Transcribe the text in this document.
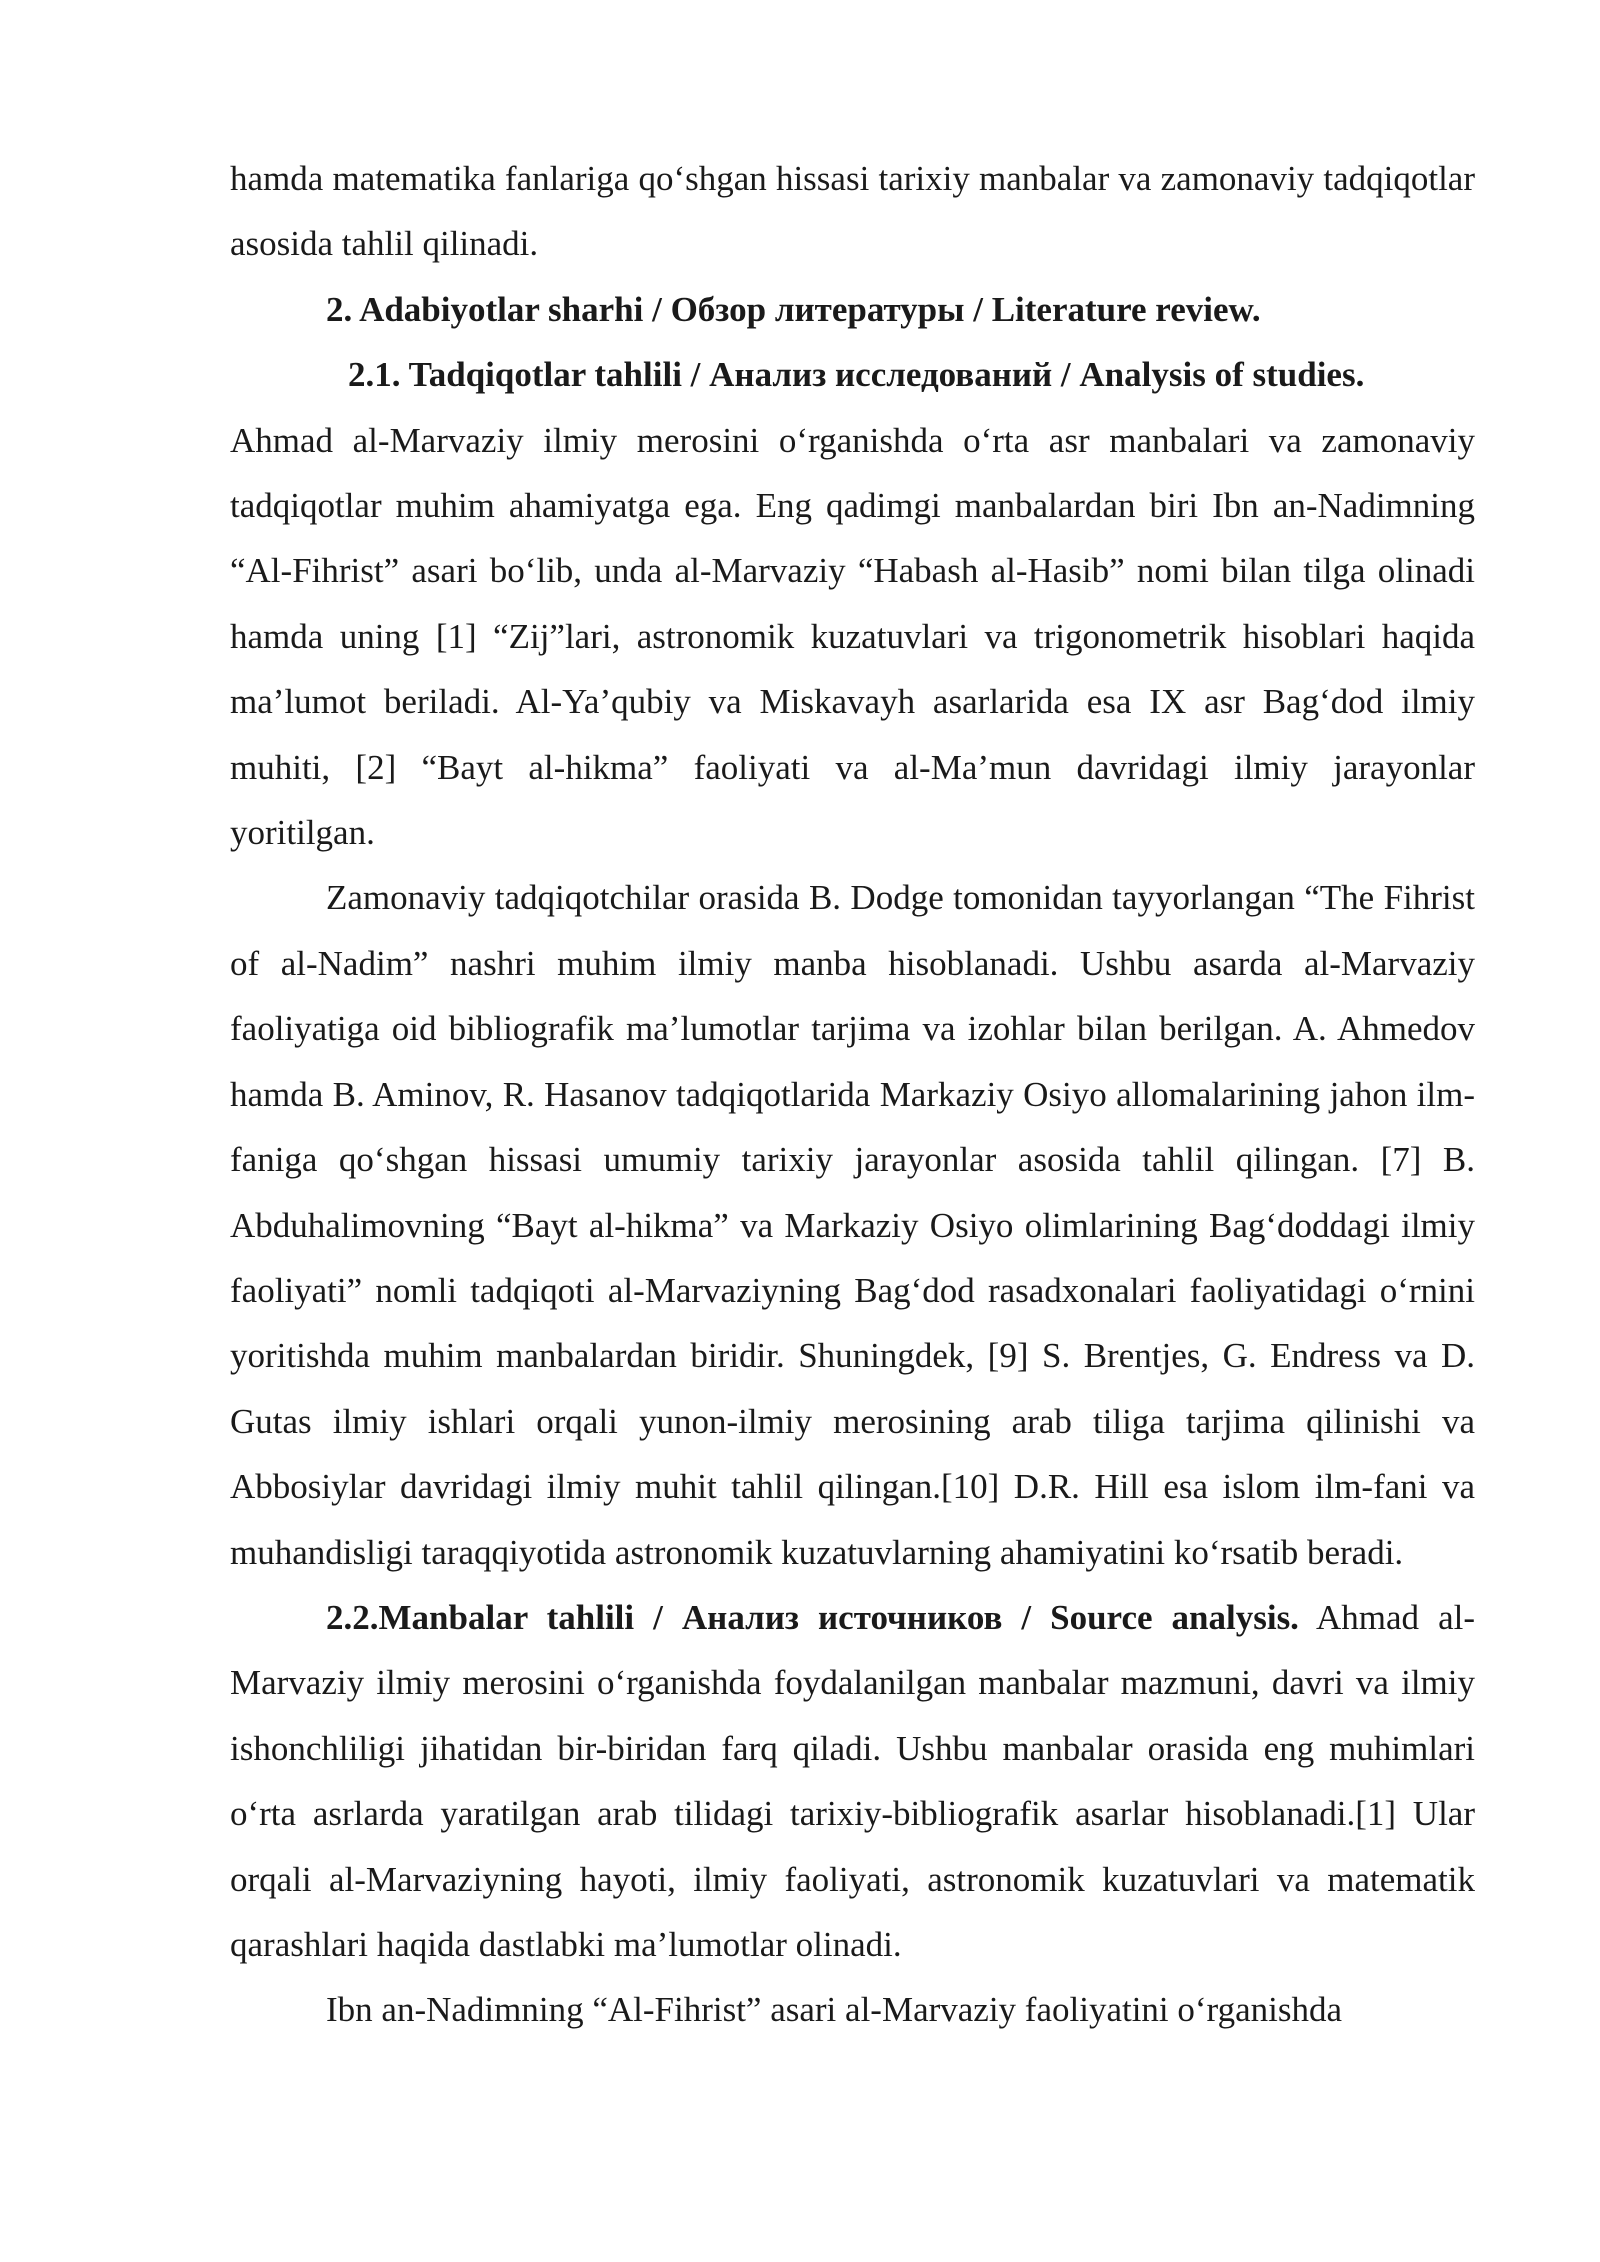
hamda matematika fanlariga qo‘shgan hissasi tarixiy manbalar va zamonaviy tadqiqotlar asosida tahlil qilinadi.

2. Adabiyotlar sharhi / Обзор литературы / Literature review.

2.1. Tadqiqotlar tahlili / Анализ исследований / Analysis of studies.

Ahmad al-Marvaziy ilmiy merosini o‘rganishda o‘rta asr manbalari va zamonaviy tadqiqotlar muhim ahamiyatga ega. Eng qadimgi manbalardan biri Ibn an-Nadimning “Al-Fihrist” asari bo‘lib, unda al-Marvaziy “Habash al-Hasib” nomi bilan tilga olinadi hamda uning [1] “Zij”lari, astronomik kuzatuvlari va trigonometrik hisoblari haqida ma’lumot beriladi. Al-Ya’qubiy va Miskavayh asarlarida esa IX asr Bag‘dod ilmiy muhiti, [2] “Bayt al-hikma” faoliyati va al-Ma’mun davridagi ilmiy jarayonlar yoritilgan.

Zamonaviy tadqiqotchilar orasida B. Dodge tomonidan tayyorlangan “The Fihrist of al-Nadim” nashri muhim ilmiy manba hisoblanadi. Ushbu asarda al-Marvaziy faoliyatiga oid bibliografik ma’lumotlar tarjima va izohlar bilan berilgan. A. Ahmedov hamda B. Aminov, R. Hasanov tadqiqotlarida Markaziy Osiyo allomalarining jahon ilm-faniga qo‘shgan hissasi umumiy tarixiy jarayonlar asosida tahlil qilingan. [7] B. Abduhalimovning “Bayt al-hikma” va Markaziy Osiyo olimlarining Bag‘doddagi ilmiy faoliyati” nomli tadqiqoti al-Marvaziyning Bag‘dod rasadxonalari faoliyatidagi o‘rnini yoritishda muhim manbalardan biridir. Shuningdek, [9] S. Brentjes, G. Endress va D. Gutas ilmiy ishlari orqali yunon-ilmiy merosining arab tiliga tarjima qilinishi va Abbosiylar davridagi ilmiy muhit tahlil qilingan.[10] D.R. Hill esa islom ilm-fani va muhandisligi taraqqiyotida astronomik kuzatuvlarning ahamiyatini ko‘rsatib beradi.

2.2.Manbalar tahlili / Анализ источников / Source analysis. Ahmad al-Marvaziy ilmiy merosini o‘rganishda foydalanilgan manbalar mazmuni, davri va ilmiy ishonchliligi jihatidan bir-biridan farq qiladi. Ushbu manbalar orasida eng muhimlari o‘rta asrlarda yaratilgan arab tilidagi tarixiy-bibliografik asarlar hisoblanadi.[1] Ular orqali al-Marvaziyning hayoti, ilmiy faoliyati, astronomik kuzatuvlari va matematik qarashlari haqida dastlabki ma’lumotlar olinadi.

Ibn an-Nadimning “Al-Fihrist” asari al-Marvaziy faoliyatini o‘rganishda
